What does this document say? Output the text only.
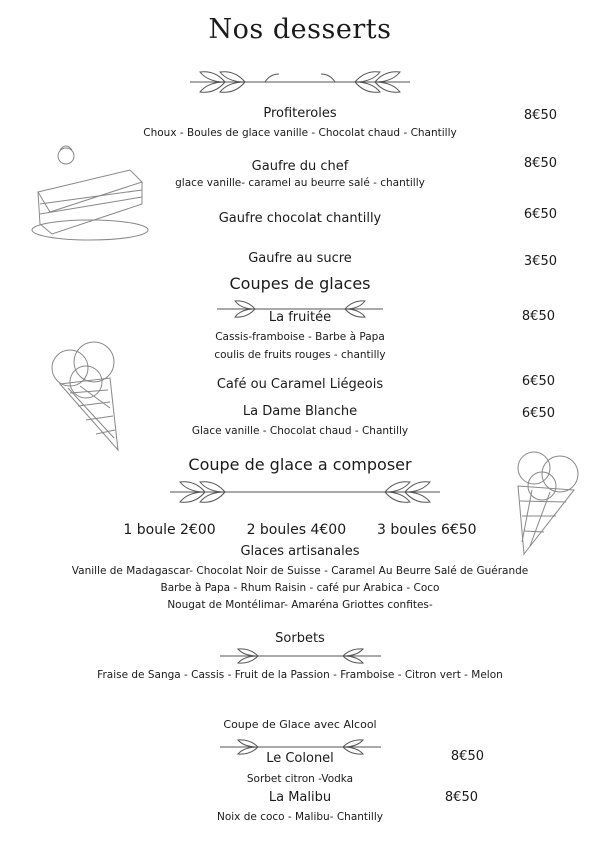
Nos desserts
Profiteroles	8€50
Choux - Boules de glace vanille - Chocolat chaud - Chantilly
Gaufre du chef	8€50
glace vanille- caramel au beurre salé - chantilly
Gaufre chocolat chantilly	6€50
Gaufre au sucre	3€50
Coupes de glaces
La fruitée	8€50
Cassis-framboise - Barbe à Papa
coulis de fruits rouges - chantilly
Café ou Caramel Liégeois	6€50
La Dame Blanche	6€50
Glace vanille - Chocolat chaud - Chantilly
Coupe de glace a composer
1 boule 2€00 2 boules 4€00 3 boules 6€50
Glaces artisanales
Vanille de Madagascar- Chocolat Noir de Suisse - Caramel Au Beurre Salé de Guérande
Barbe à Papa - Rhum Raisin - café pur Arabica - Coco
Nougat de Montélimar- Amaréna Griottes confites-
Sorbets
Fraise de Sanga - Cassis - Fruit de la Passion - Framboise - Citron vert - Melon
Coupe de Glace avec Alcool
Le Colonel	8€50
Sorbet citron -Vodka
La Malibu	8€50
Noix de coco - Malibu- Chantilly
